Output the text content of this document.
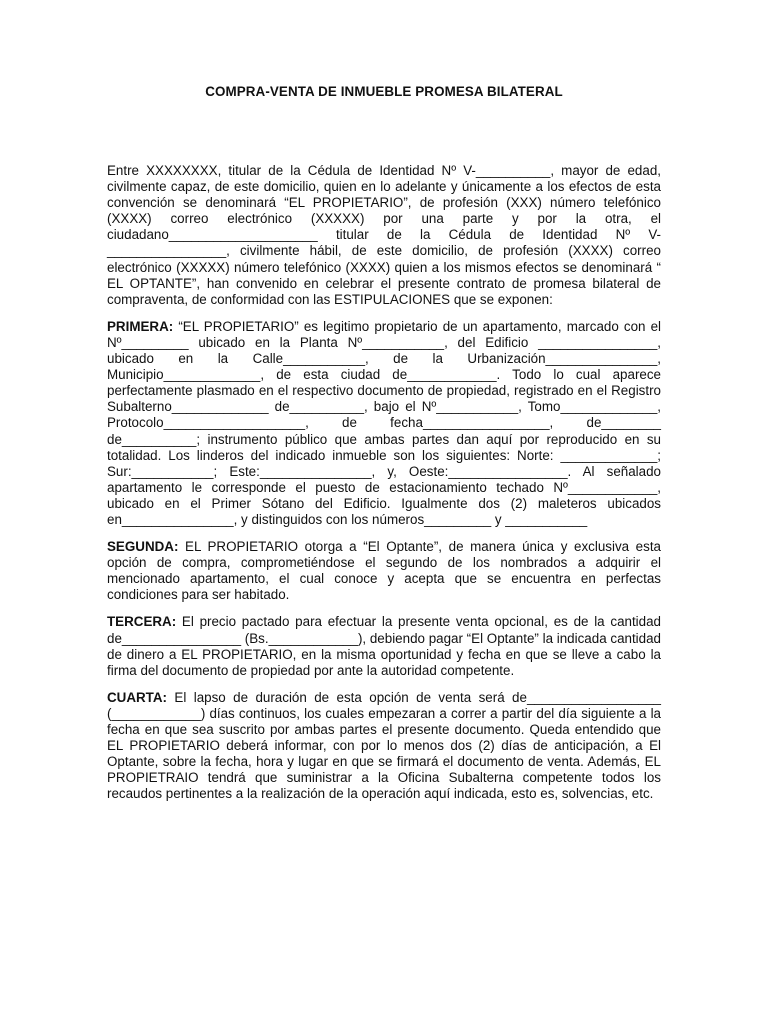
COMPRA-VENTA DE INMUEBLE PROMESA BILATERAL

Entre XXXXXXXX, titular de la Cédula de Identidad Nº V-__________, mayor de edad, civilmente capaz, de este domicilio, quien en lo adelante y únicamente a los efectos de esta convención se denominará “EL PROPIETARIO”, de profesión (XXX) número telefónico (XXXX) correo electrónico (XXXXX) por una parte y por la otra, el ciudadano____________________ titular de la Cédula de Identidad Nº V-________________, civilmente hábil, de este domicilio, de profesión (XXXX) correo electrónico (XXXXX) número telefónico (XXXX) quien a los mismos efectos se denominará “ EL OPTANTE”, han convenido en celebrar el presente contrato de promesa bilateral de compraventa, de conformidad con las ESTIPULACIONES que se exponen:

PRIMERA: “EL PROPIETARIO” es legitimo propietario de un apartamento, marcado con el Nº_________ ubicado en la Planta Nº___________, del Edificio ________________, ubicado en la Calle___________, de la Urbanización_______________, Municipio_____________, de esta ciudad de____________. Todo lo cual aparece perfectamente plasmado en el respectivo documento de propiedad, registrado en el Registro Subalterno_____________ de__________, bajo el Nº___________, Tomo_____________, Protocolo___________________, de fecha_________________, de________ de__________; instrumento público que ambas partes dan aquí por reproducido en su totalidad. Los linderos del indicado inmueble son los siguientes: Norte: _____________; Sur:___________; Este:_______________, y, Oeste:________________. Al señalado apartamento le corresponde el puesto de estacionamiento techado Nº____________, ubicado en el Primer Sótano del Edificio. Igualmente dos (2) maleteros ubicados en_______________, y distinguidos con los números_________ y ___________

SEGUNDA: EL PROPIETARIO otorga a “El Optante”, de manera única y exclusiva esta opción de compra, comprometiéndose el segundo de los nombrados a adquirir el mencionado apartamento, el cual conoce y acepta que se encuentra en perfectas condiciones para ser habitado.

TERCERA: El precio pactado para efectuar la presente venta opcional, es de la cantidad de________________ (Bs.____________), debiendo pagar “El Optante” la indicada cantidad de dinero a EL PROPIETARIO, en la misma oportunidad y fecha en que se lleve a cabo la firma del documento de propiedad por ante la autoridad competente.

CUARTA: El lapso de duración de esta opción de venta será de__________________ (____________) días continuos, los cuales empezaran a correr a partir del día siguiente a la fecha en que sea suscrito por ambas partes el presente documento. Queda entendido que EL PROPIETARIO deberá informar, con por lo menos dos (2) días de anticipación, a El Optante, sobre la fecha, hora y lugar en que se firmará el documento de venta. Además, EL PROPIETRAIO tendrá que suministrar a la Oficina Subalterna competente todos los recaudos pertinentes a la realización de la operación aquí indicada, esto es, solvencias, etc.
